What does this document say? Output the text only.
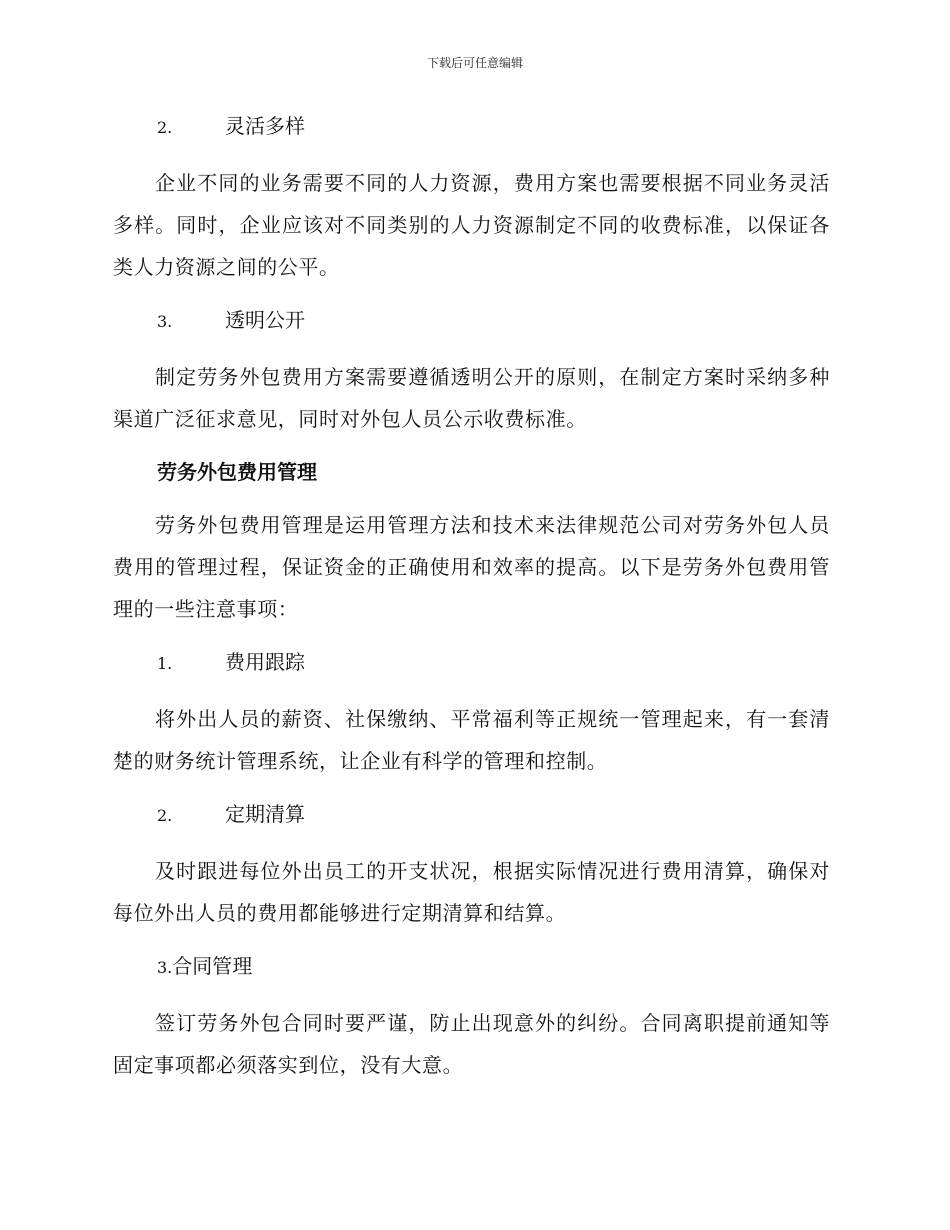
下载后可任意编辑
2.	灵活多样

企业不同的业务需要不同的人力资源，费用方案也需要根据不同业务灵活多样。同时，企业应该对不同类别的人力资源制定不同的收费标准，以保证各类人力资源之间的公平。

3.	透明公开

制定劳务外包费用方案需要遵循透明公开的原则，在制定方案时采纳多种渠道广泛征求意见，同时对外包人员公示收费标准。

劳务外包费用管理

劳务外包费用管理是运用管理方法和技术来法律规范公司对劳务外包人员费用的管理过程，保证资金的正确使用和效率的提高。以下是劳务外包费用管理的一些注意事项：

1.	费用跟踪

将外出人员的薪资、社保缴纳、平常福利等正规统一管理起来，有一套清楚的财务统计管理系统，让企业有科学的管理和控制。

2.	定期清算

及时跟进每位外出员工的开支状况，根据实际情况进行费用清算，确保对每位外出人员的费用都能够进行定期清算和结算。

3.合同管理

签订劳务外包合同时要严谨，防止出现意外的纠纷。合同离职提前通知等固定事项都必须落实到位，没有大意。
